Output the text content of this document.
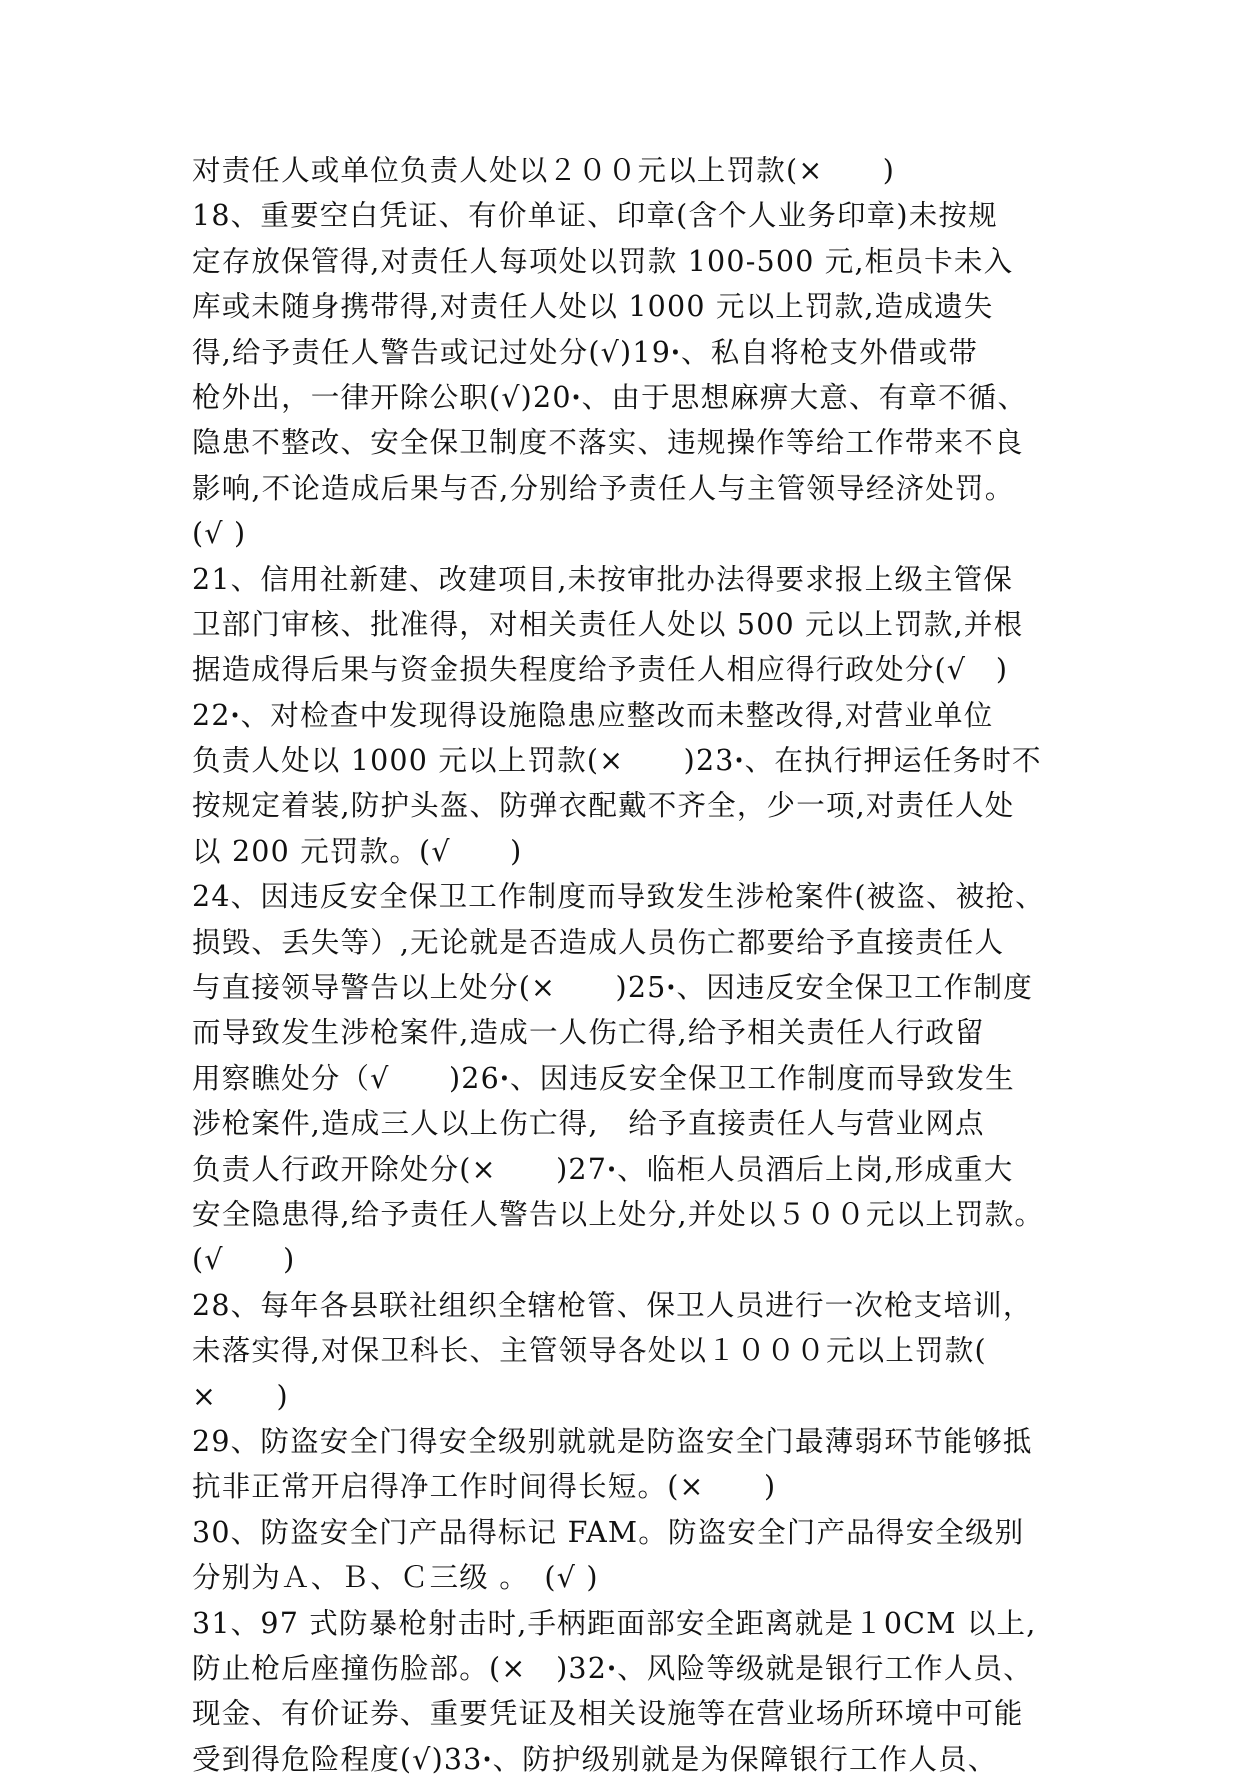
对责任人或单位负责人处以２００元以上罚款(×　　)
18、重要空白凭证、有价单证、印章(含个人业务印章)未按规
定存放保管得,对责任人每项处以罚款 100-500 元,柜员卡未入
库或未随身携带得,对责任人处以 1000 元以上罚款,造成遗失
得,给予责任人警告或记过处分(√)19ꞏ、私自将枪支外借或带
枪外出，一律开除公职(√)20ꞏ、由于思想麻痹大意、有章不循、
隐患不整改、安全保卫制度不落实、违规操作等给工作带来不良
影响,不论造成后果与否,分别给予责任人与主管领导经济处罚。
(√ )
21、信用社新建、改建项目,未按审批办法得要求报上级主管保
卫部门审核、批准得，对相关责任人处以 500 元以上罚款,并根
据造成得后果与资金损失程度给予责任人相应得行政处分(√　)
22ꞏ、对检查中发现得设施隐患应整改而未整改得,对营业单位
负责人处以 1000 元以上罚款(×　　)23ꞏ、在执行押运任务时不
按规定着装,防护头盔、防弹衣配戴不齐全，少一项,对责任人处
以 200 元罚款。(√　　)
24、因违反安全保卫工作制度而导致发生涉枪案件(被盗、被抢、
损毁、丢失等）,无论就是否造成人员伤亡都要给予直接责任人
与直接领导警告以上处分(×　　)25ꞏ、因违反安全保卫工作制度
而导致发生涉枪案件,造成一人伤亡得,给予相关责任人行政留
用察瞧处分（√　　)26ꞏ、因违反安全保卫工作制度而导致发生
涉枪案件,造成三人以上伤亡得,　给予直接责任人与营业网点
负责人行政开除处分(×　　)27ꞏ、临柜人员酒后上岗,形成重大
安全隐患得,给予责任人警告以上处分,并处以５００元以上罚款。
(√　　)
28、每年各县联社组织全辖枪管、保卫人员进行一次枪支培训，
未落实得,对保卫科长、主管领导各处以１０００元以上罚款(
×　　)
29、防盗安全门得安全级别就就是防盗安全门最薄弱环节能够抵
抗非正常开启得净工作时间得长短。(×　　)
30、防盗安全门产品得标记 FAM。防盗安全门产品得安全级别
分别为Ａ、Ｂ、Ｃ三级 。　(√ )
31、97 式防暴枪射击时,手柄距面部安全距离就是１0CM 以上,
防止枪后座撞伤脸部。(×　)32ꞏ、风险等级就是银行工作人员、
现金、有价证券、重要凭证及相关设施等在营业场所环境中可能
受到得危险程度(√)33ꞏ、防护级别就是为保障银行工作人员、
